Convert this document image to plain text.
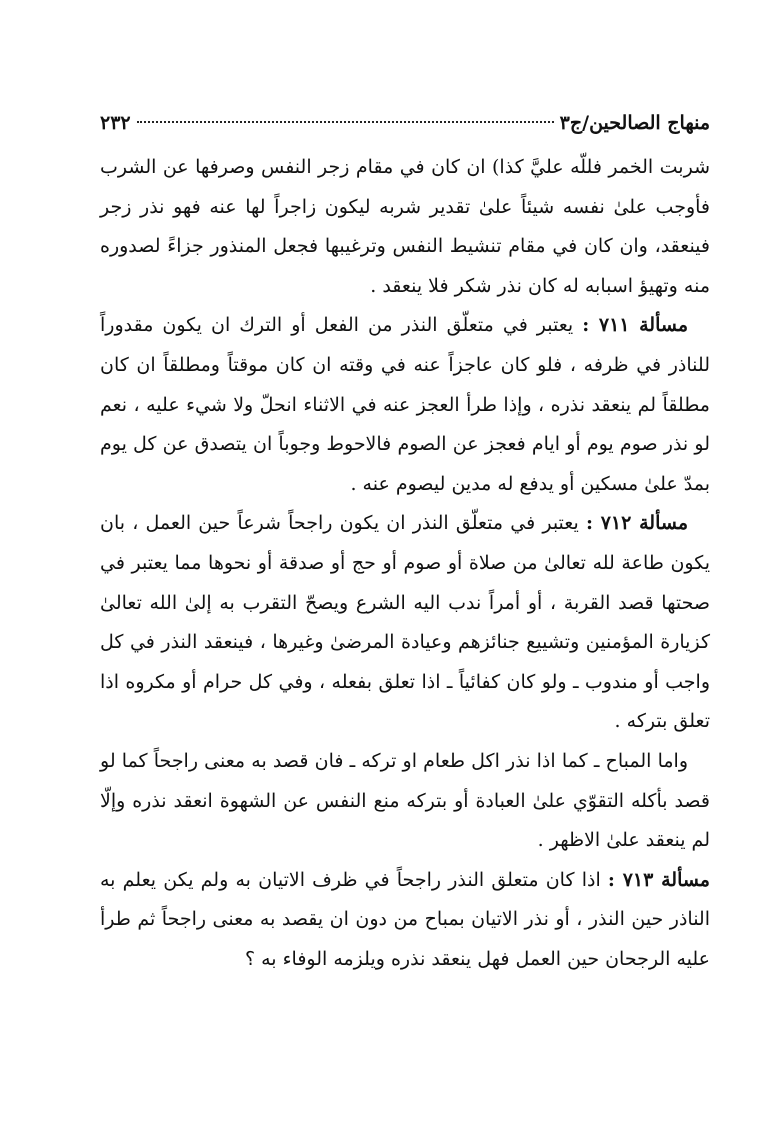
منهاج الصالحين/ج٣
٢٣٢

شربت الخمر فللّه عليَّ كذا) ان كان في مقام زجر النفس وصرفها عن الشرب فأوجب علىٰ نفسه شيئاً علىٰ تقدير شربه ليكون زاجراً لها عنه فهو نذر زجر فينعقد، وان كان في مقام تنشيط النفس وترغيبها فجعل المنذور جزاءً لصدوره منه وتهيؤ اسبابه له كان نذر شكر فلا ينعقد .

مسألة ٧١١ : يعتبر في متعلّق النذر من الفعل أو الترك ان يكون مقدوراً للناذر في ظرفه ، فلو كان عاجزاً عنه في وقته ان كان موقتاً ومطلقاً ان كان مطلقاً لم ينعقد نذره ، وإذا طرأ العجز عنه في الاثناء انحلّ ولا شيء عليه ، نعم لو نذر صوم يوم أو ايام فعجز عن الصوم فالاحوط وجوباً ان يتصدق عن كل يوم بمدّ علىٰ مسكين أو يدفع له مدين ليصوم عنه .

مسألة ٧١٢ : يعتبر في متعلّق النذر ان يكون راجحاً شرعاً حين العمل ، بان يكون طاعة لله تعالىٰ من صلاة أو صوم أو حج أو صدقة أو نحوها مما يعتبر في صحتها قصد القربة ، أو أمراً ندب اليه الشرع ويصحّ التقرب به إلىٰ الله تعالىٰ كزيارة المؤمنين وتشييع جنائزهم وعيادة المرضىٰ وغيرها ، فينعقد النذر في كل واجب أو مندوب ـ ولو كان كفائياً ـ اذا تعلق بفعله ، وفي كل حرام أو مكروه اذا تعلق بتركه .

واما المباح ـ كما اذا نذر اكل طعام او تركه ـ فان قصد به معنى راجحاً كما لو قصد بأكله التقوّي علىٰ العبادة أو بتركه منع النفس عن الشهوة انعقد نذره وإلّا لم ينعقد علىٰ الاظهر .

مسألة ٧١٣ : اذا كان متعلق النذر راجحاً في ظرف الاتيان به ولم يكن يعلم به الناذر حين النذر ، أو نذر الاتيان بمباح من دون ان يقصد به معنى راجحاً ثم طرأ عليه الرجحان حين العمل فهل ينعقد نذره ويلزمه الوفاء به ؟
